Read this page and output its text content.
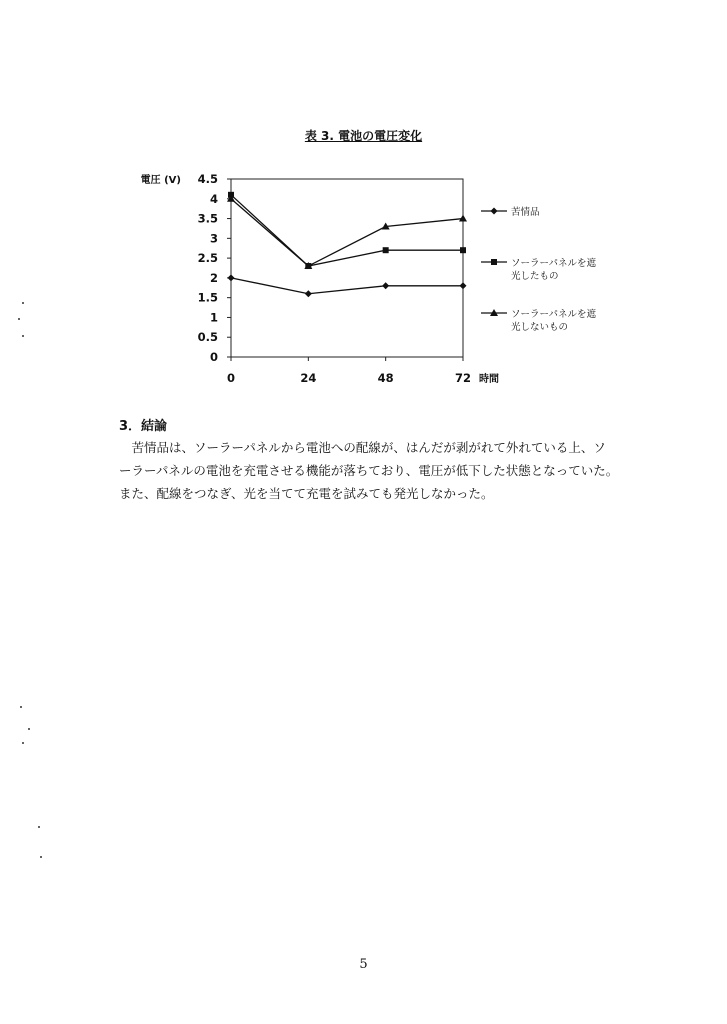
表 3. 電池の電圧変化
0
0.5
1
1.5
2
2.5
3
3.5
4
4.5
電圧 (V)
0	24	48	72 時間
苦情品
ソーラーパネルを遮
光したもの
ソーラーパネルを遮
光しないもの
3．結論
　苦情品は、ソーラーパネルから電池への配線が、はんだが剥がれて外れている上、ソ
ーラーパネルの電池を充電させる機能が落ちており、電圧が低下した状態となっていた。
また、配線をつなぎ、光を当てて充電を試みても発光しなかった。
5
